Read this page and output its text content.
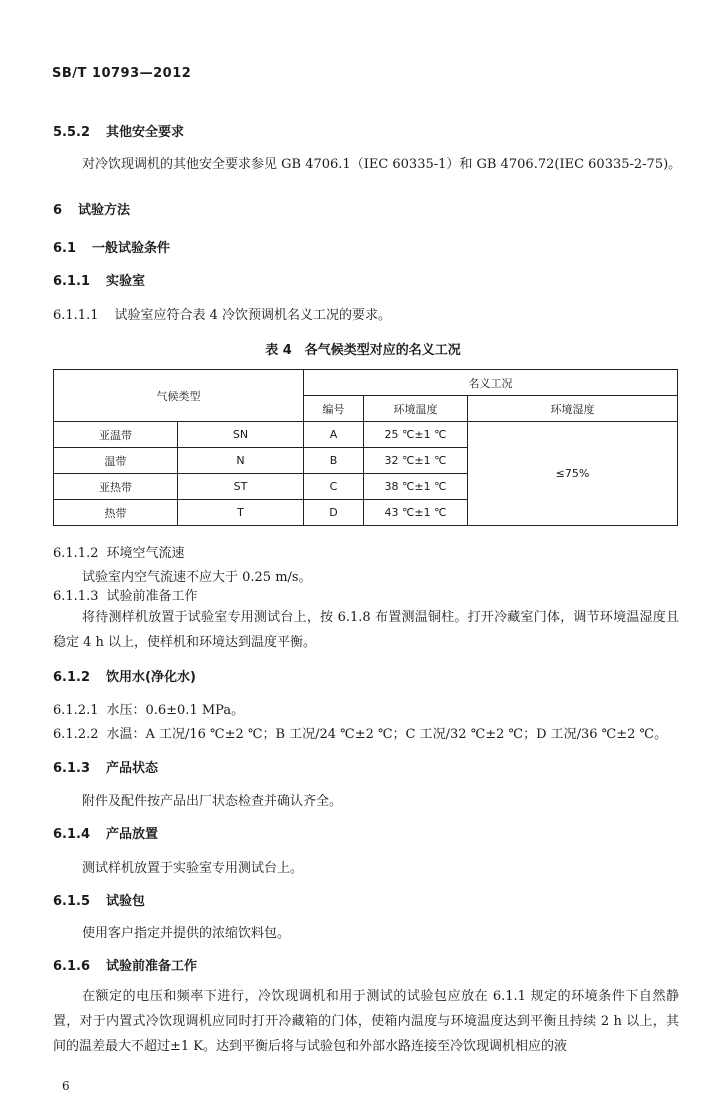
SB/T 10793—2012
5.5.2 其他安全要求
对冷饮现调机的其他安全要求参见 GB 4706.1（IEC 60335-1）和 GB 4706.72(IEC 60335-2-75)。
6 试验方法
6.1 一般试验条件
6.1.1 实验室
6.1.1.1 试验室应符合表 4 冷饮预调机名义工况的要求。
表 4　各气候类型对应的名义工况
气候类型		名义工况		
		编号	环境温度	环境湿度
亚温带	SN	A	25 ℃±1 ℃	≤75%
温带	N	B	32 ℃±1 ℃	
亚热带	ST	C	38 ℃±1 ℃	
热带	T	D	43 ℃±1 ℃	
6.1.1.2 环境空气流速
试验室内空气流速不应大于 0.25 m/s。
6.1.1.3 试验前准备工作
将待测样机放置于试验室专用测试台上，按 6.1.8 布置测温铜柱。打开冷藏室门体，调节环境温湿度且稳定 4 h 以上，使样机和环境达到温度平衡。
6.1.2 饮用水(净化水)
6.1.2.1 水压：0.6±0.1 MPa。
6.1.2.2 水温：A 工况/16 ℃±2 ℃；B 工况/24 ℃±2 ℃；C 工况/32 ℃±2 ℃；D 工况/36 ℃±2 ℃。
6.1.3 产品状态
附件及配件按产品出厂状态检查并确认齐全。
6.1.4 产品放置
测试样机放置于实验室专用测试台上。
6.1.5 试验包
使用客户指定并提供的浓缩饮料包。
6.1.6 试验前准备工作
在额定的电压和频率下进行，冷饮现调机和用于测试的试验包应放在 6.1.1 规定的环境条件下自然静置，对于内置式冷饮现调机应同时打开冷藏箱的门体，使箱内温度与环境温度达到平衡且持续 2 h 以上，其间的温差最大不超过±1 K。达到平衡后将与试验包和外部水路连接至冷饮现调机相应的液
6
